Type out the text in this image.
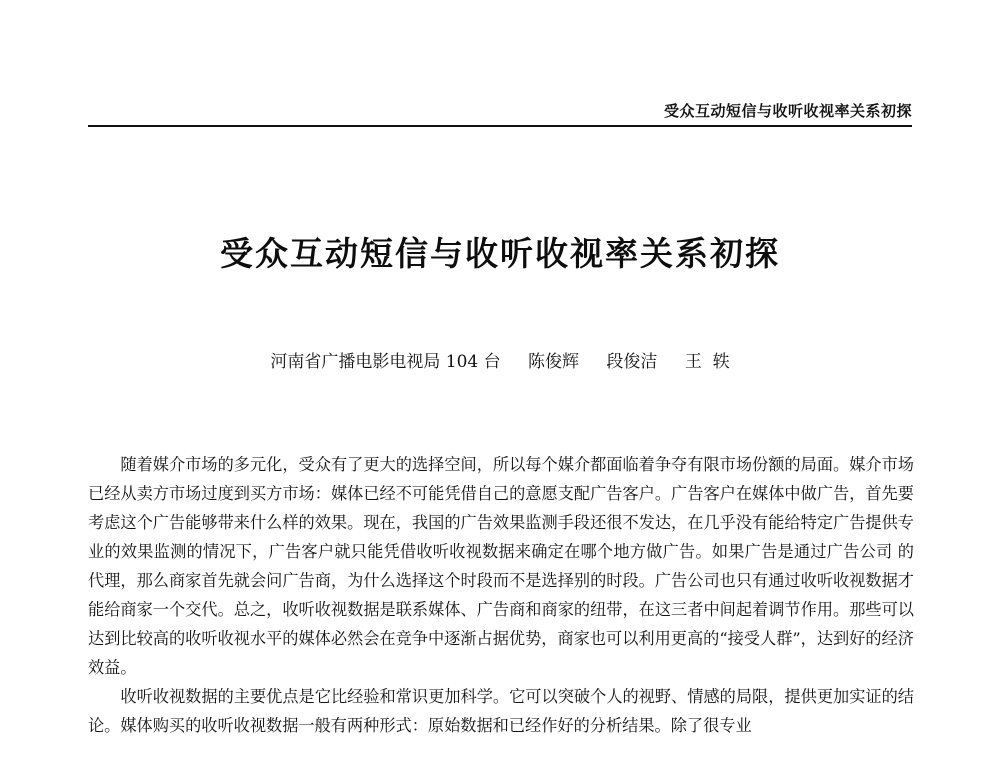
受众互动短信与收听收视率关系初探
受众互动短信与收听收视率关系初探
河南省广播电影电视局 104 台 陈俊辉 段俊洁 王  轶

随着媒介市场的多元化，受众有了更大的选择空间，所以每个媒介都面临着争夺有限市场份额的局面。媒介市场已经从卖方市场过度到买方市场：媒体已经不可能凭借自己的意愿支配广告客户。广告客户在媒体中做广告，首先要考虑这个广告能够带来什么样的效果。现在，我国的广告效果监测手段还很不发达，在几乎没有能给特定广告提供专业的效果监测的情况下，广告客户就只能凭借收听收视数据来确定在哪个地方做广告。如果广告是通过广告公司 的代理，那么商家首先就会问广告商，为什么选择这个时段而不是选择别的时段。广告公司也只有通过收听收视数据才能给商家一个交代。总之，收听收视数据是联系媒体、广告商和商家的纽带，在这三者中间起着调节作用。那些可以达到比较高的收听收视水平的媒体必然会在竞争中逐渐占据优势，商家也可以利用更高的“接受人群”，达到好的经济效益。

收听收视数据的主要优点是它比经验和常识更加科学。它可以突破个人的视野、情感的局限，提供更加实证的结论。媒体购买的收听收视数据一般有两种形式：原始数据和已经作好的分析结果。除了很专业
